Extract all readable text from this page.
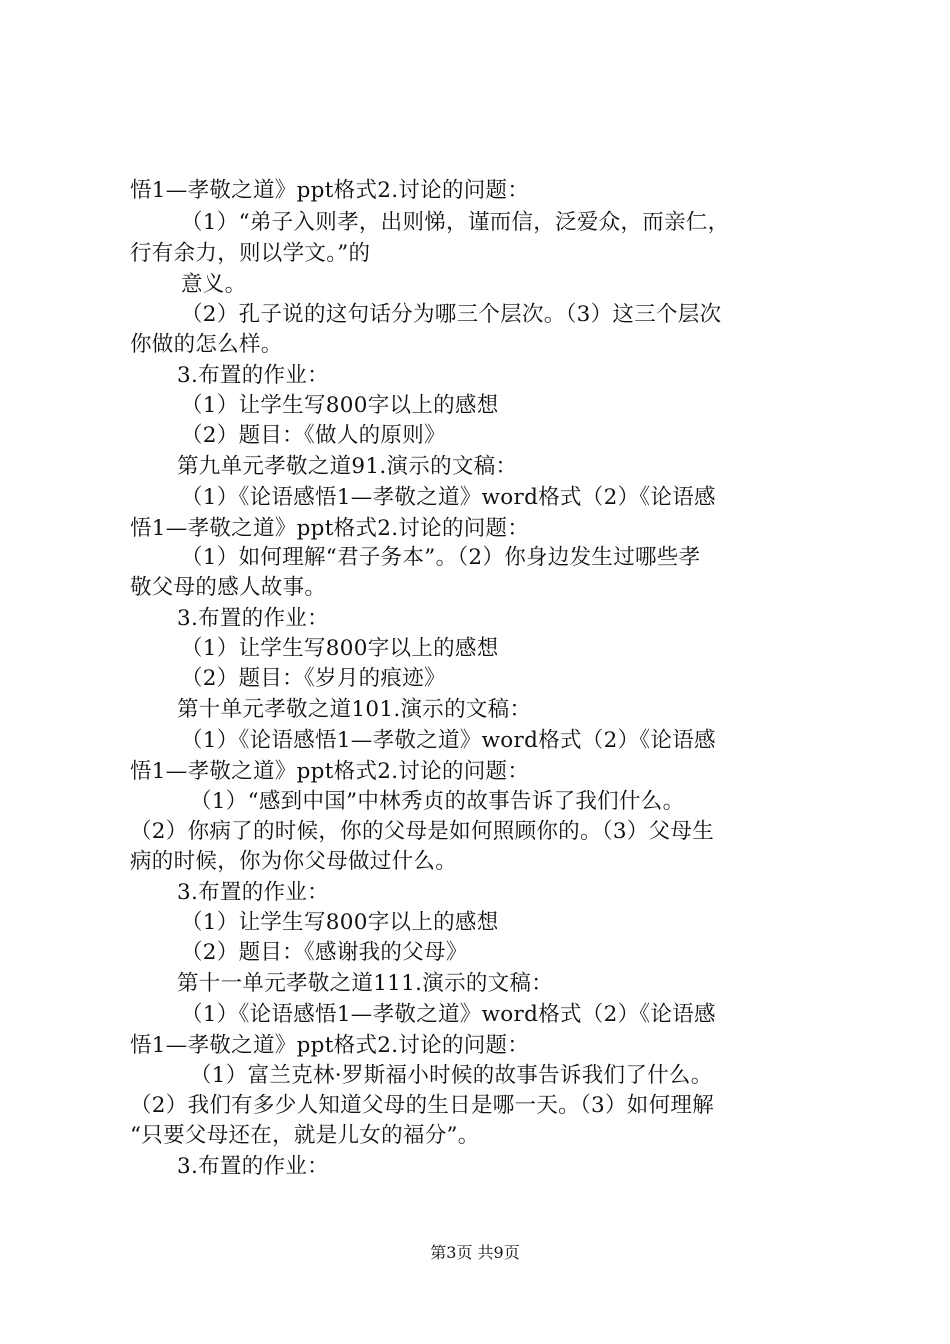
悟1—孝敬之道》ppt格式2.讨论的问题：
（1）“弟子入则孝，出则悌，谨而信，泛爱众，而亲仁，
行有余力，则以学文。”的
意义。
（2）孔子说的这句话分为哪三个层次。（3）这三个层次
你做的怎么样。
3.布置的作业：
（1）让学生写800字以上的感想
（2）题目：《做人的原则》
第九单元孝敬之道91.演示的文稿：
（1）《论语感悟1—孝敬之道》word格式（2）《论语感
悟1—孝敬之道》ppt格式2.讨论的问题：
（1）如何理解“君子务本”。（2）你身边发生过哪些孝
敬父母的感人故事。
3.布置的作业：
（1）让学生写800字以上的感想
（2）题目：《岁月的痕迹》
第十单元孝敬之道101.演示的文稿：
（1）《论语感悟1—孝敬之道》word格式（2）《论语感
悟1—孝敬之道》ppt格式2.讨论的问题：
（1）“感到中国”中林秀贞的故事告诉了我们什么。
（2）你病了的时候，你的父母是如何照顾你的。（3）父母生
病的时候，你为你父母做过什么。
3.布置的作业：
（1）让学生写800字以上的感想
（2）题目：《感谢我的父母》
第十一单元孝敬之道111.演示的文稿：
（1）《论语感悟1—孝敬之道》word格式（2）《论语感
悟1—孝敬之道》ppt格式2.讨论的问题：
（1）富兰克林·罗斯福小时候的故事告诉我们了什么。
（2）我们有多少人知道父母的生日是哪一天。（3）如何理解
“只要父母还在，就是儿女的福分”。
3.布置的作业：
第3页 共9页
